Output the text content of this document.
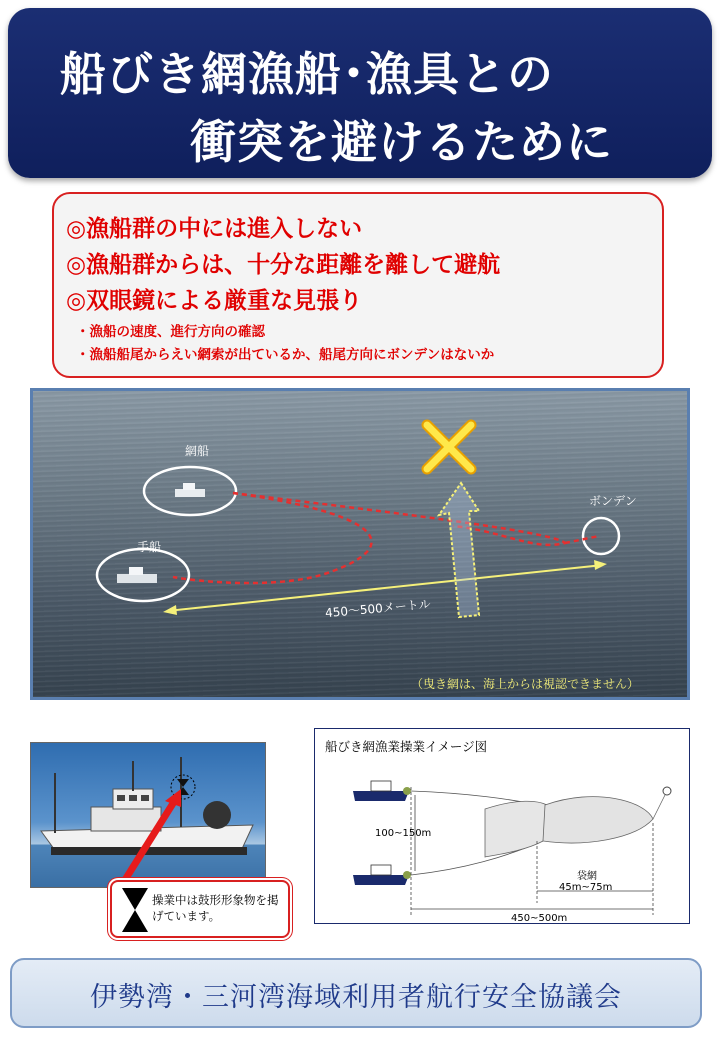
船びき網漁船･漁具との
衝突を避けるために
◎漁船群の中には進入しない
◎漁船群からは、十分な距離を離して避航
◎双眼鏡による厳重な見張り
・漁船の速度、進行方向の確認
・漁船船尾からえい網索が出ているか、船尾方向にボンデンはないか
網船
手船
ボンデン
450～500メートル
（曳き網は、海上からは視認できません）
操業中は鼓形形象物を掲げています。
船びき網漁業操業イメージ図
100~150m
袋網
45m~75m
450~500m
伊勢湾・三河湾海域利用者航行安全協議会
